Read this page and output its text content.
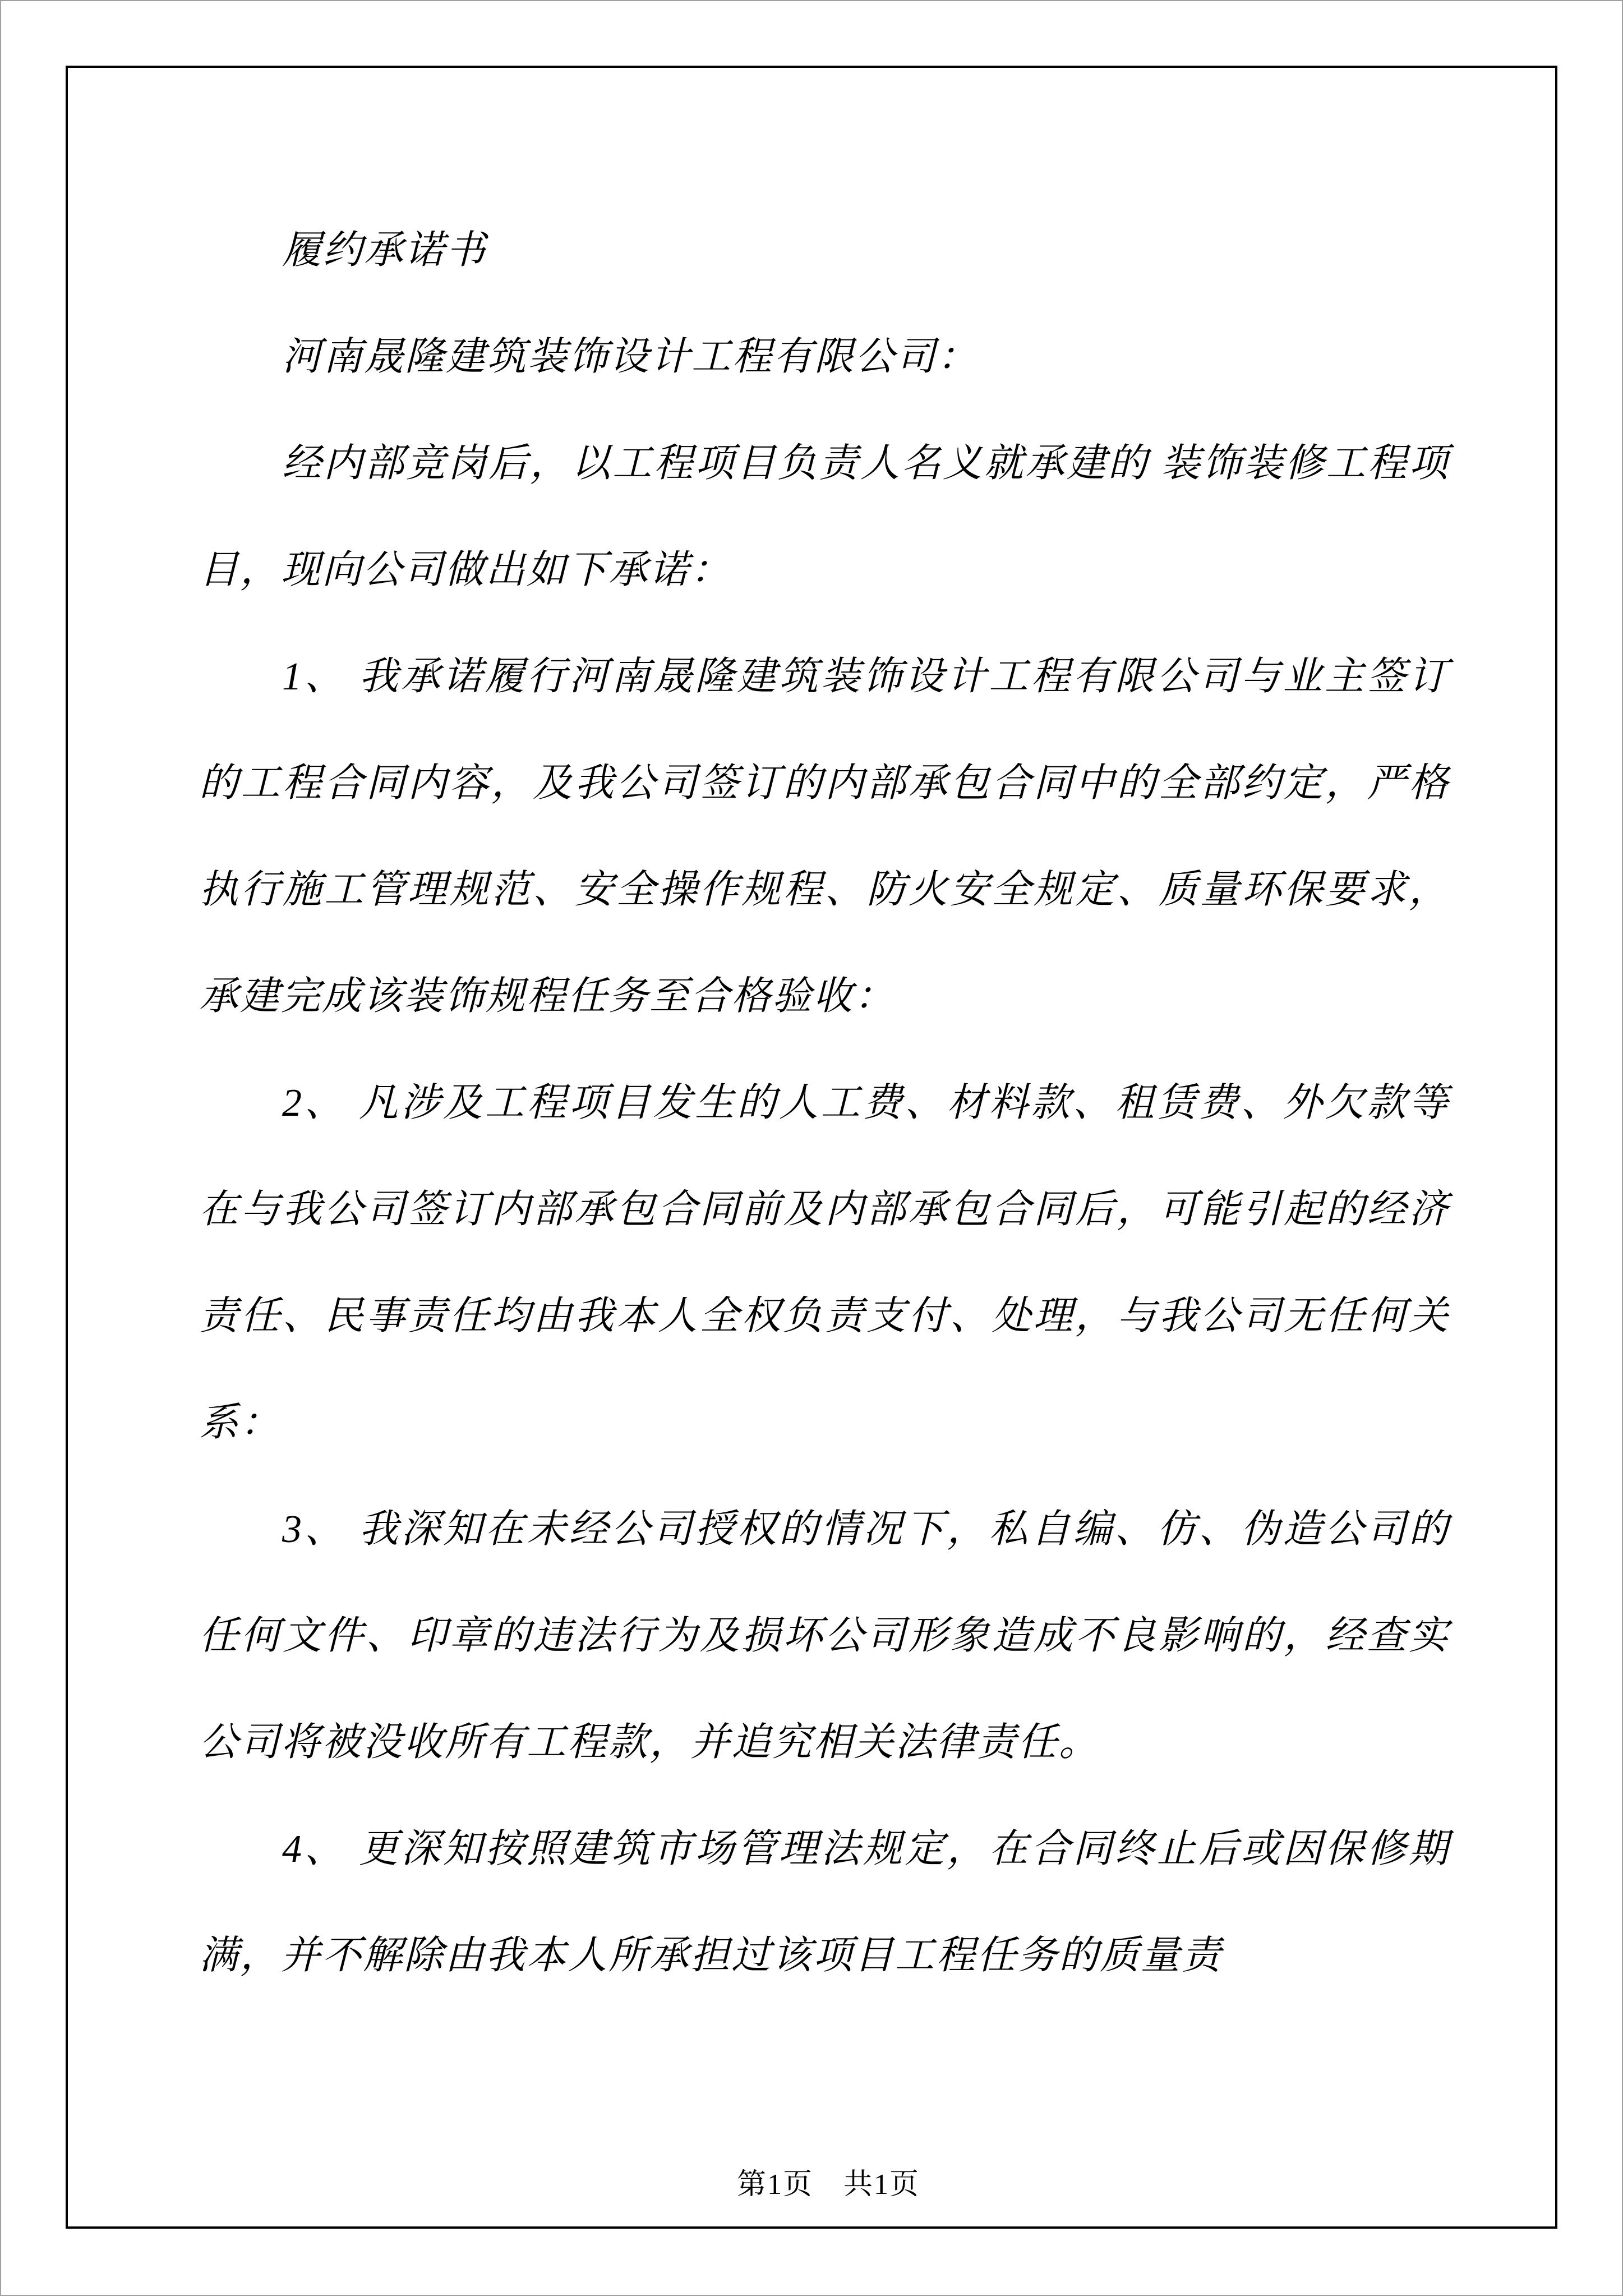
履约承诺书
河南晟隆建筑装饰设计工程有限公司：
经内部竞岗后，以工程项目负责人名义就承建的 装饰装修工程项
目，现向公司做出如下承诺：
1、 我承诺履行河南晟隆建筑装饰设计工程有限公司与业主签订
的工程合同内容，及我公司签订的内部承包合同中的全部约定，严格
执行施工管理规范、安全操作规程、防火安全规定、质量环保要求，
承建完成该装饰规程任务至合格验收：
2、 凡涉及工程项目发生的人工费、材料款、租赁费、外欠款等
在与我公司签订内部承包合同前及内部承包合同后，可能引起的经济
责任、民事责任均由我本人全权负责支付、处理，与我公司无任何关
系：
3、 我深知在未经公司授权的情况下，私自编、仿、伪造公司的
任何文件、印章的违法行为及损坏公司形象造成不良影响的，经查实
公司将被没收所有工程款，并追究相关法律责任。
4、 更深知按照建筑市场管理法规定，在合同终止后或因保修期
满，并不解除由我本人所承担过该项目工程任务的质量责

第1页　共1页
